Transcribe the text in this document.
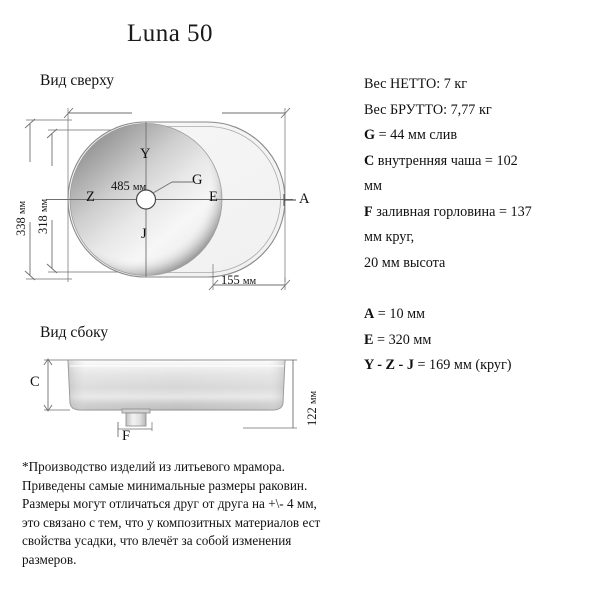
Luna 50
Вид сверху
485 мм
338 мм
318 мм
155 мм
Y
Z
G
J
E	A
Вид сбоку
C
F
122 мм
Вес НЕТТО: 7 кг
Вес БРУТТО: 7,77 кг
G = 44 мм слив
C внутренняя чаша = 102
мм
F заливная горловина = 137
мм круг,
20 мм высота
A = 10 мм
E = 320 мм
Y - Z - J = 169 мм (круг)
*Производство изделий из литьевого мрамора.
Приведены самые минимальные размеры раковин.
Размеры могут отличаться друг от друга на +\- 4 мм,
это связано с тем, что у композитных материалов ест
свойства усадки, что влечёт за собой изменения
размеров.
